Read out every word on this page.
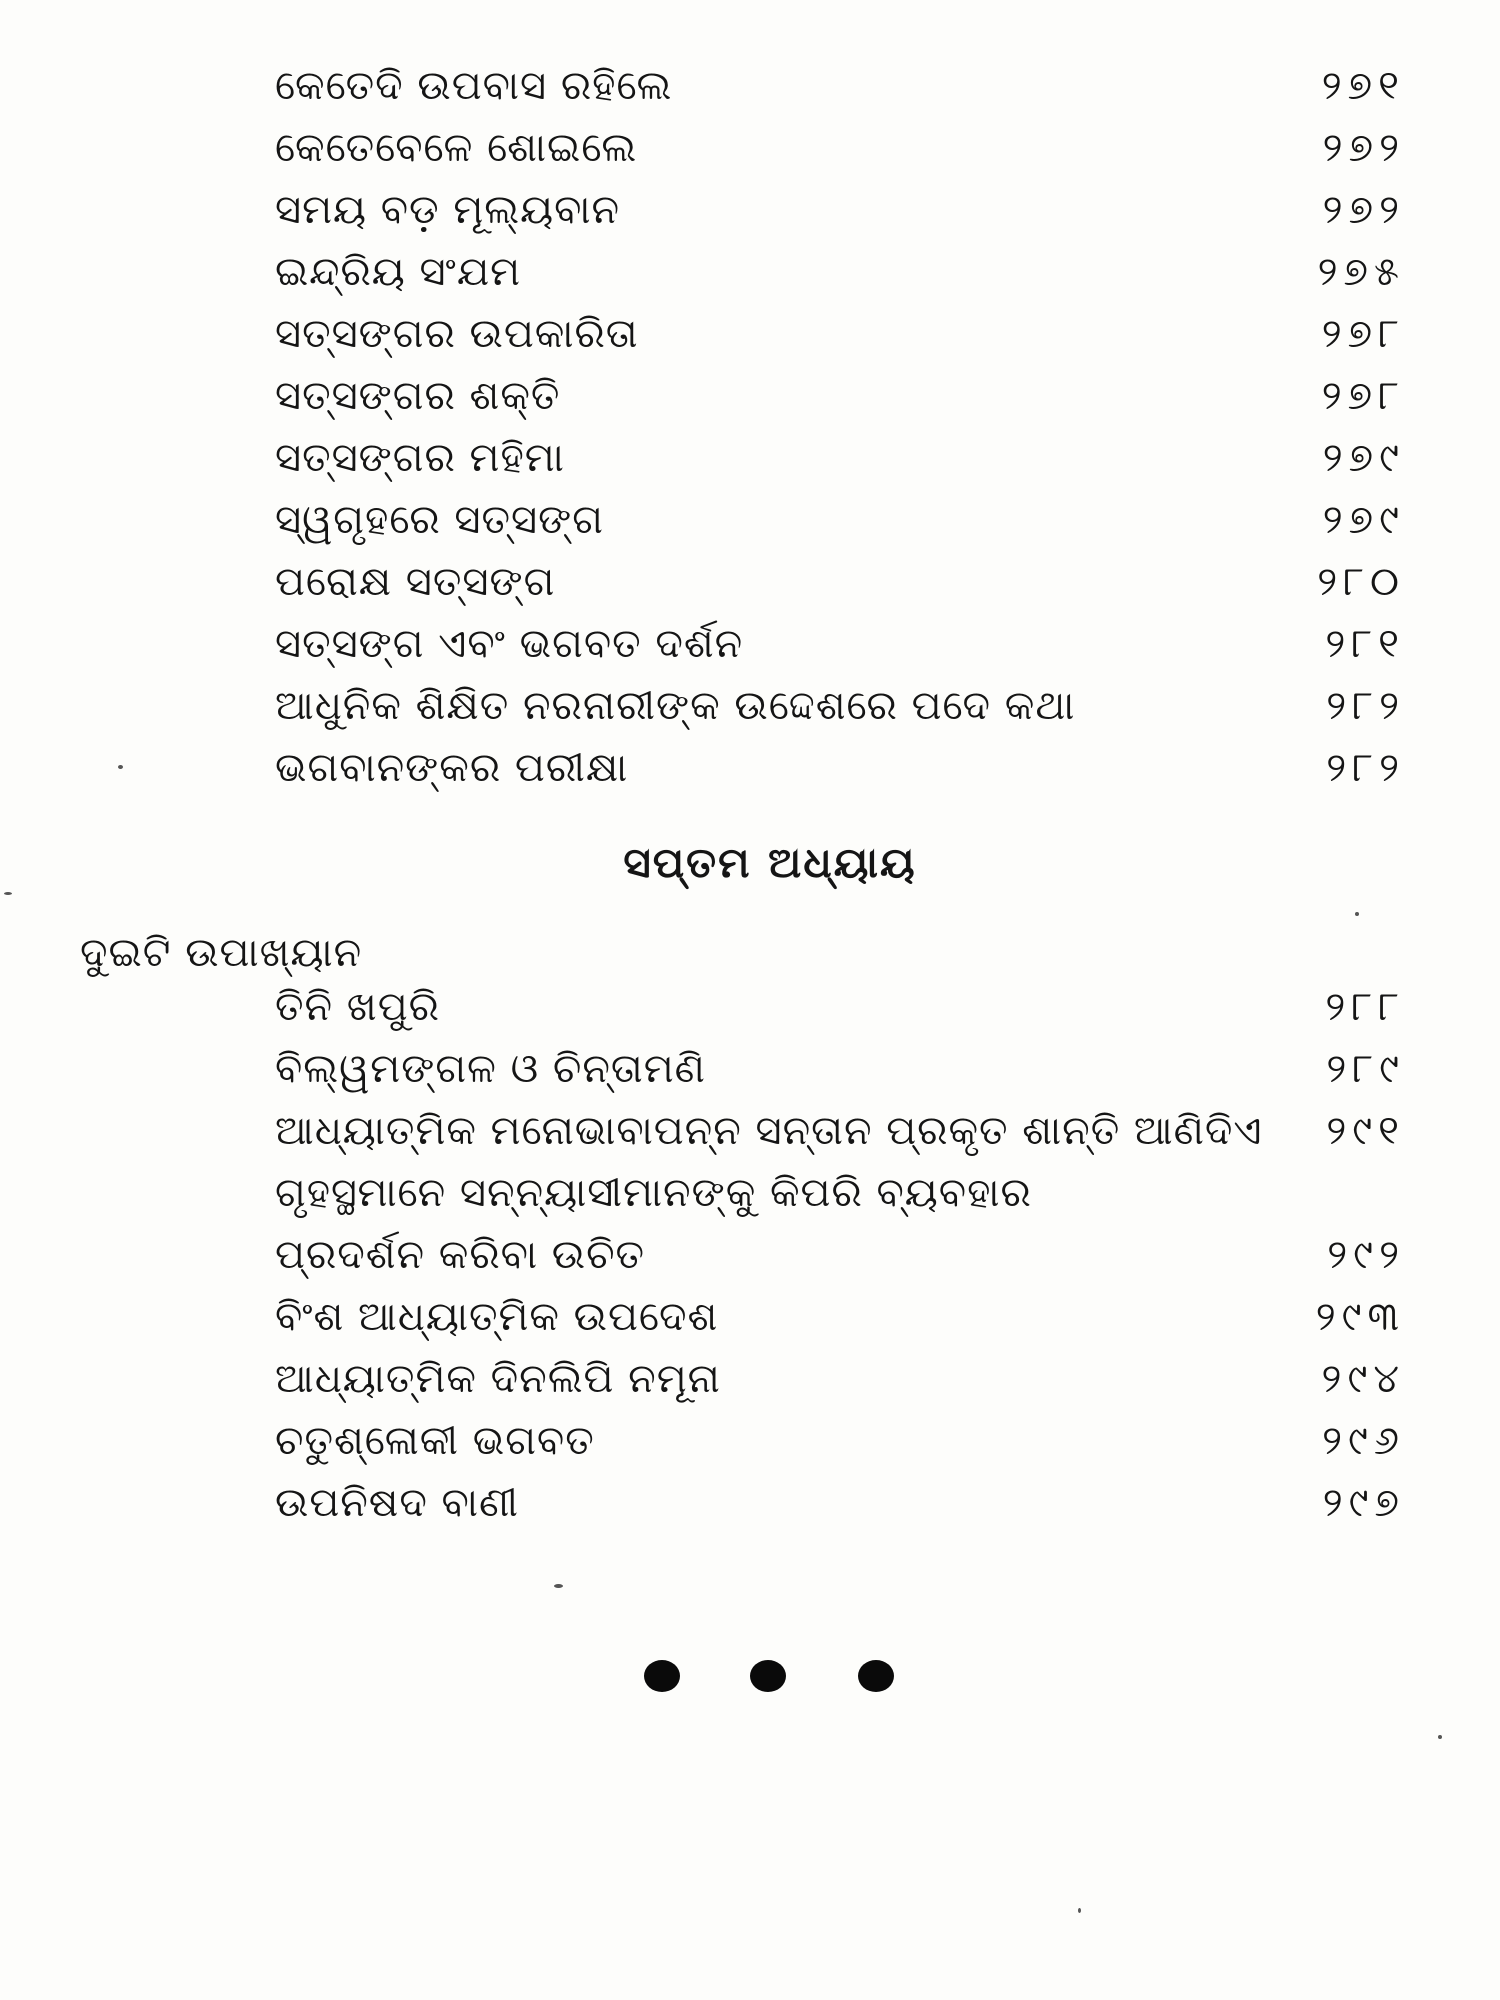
କେତେଦି ଉପବାସ ରହିଲେ	୨୭୧
କେତେବେଳେ ଶୋଇଲେ	୨୭୨
ସମୟ ବଡ଼ ମୂଲ୍ୟବାନ	୨୭୨
ଇନ୍ଦ୍ରିୟ ସଂଯମ	୨୭୫
ସତ୍ସଙ୍ଗର ଉପକାରିତା	୨୭୮
ସତ୍ସଙ୍ଗର ଶକ୍ତି	୨୭୮
ସତ୍ସଙ୍ଗର ମହିମା	୨୭୯
ସ୍ୱଗୃହରେ ସତ୍ସଙ୍ଗ	୨୭୯
ପରୋକ୍ଷ ସତ୍ସଙ୍ଗ	୨୮୦
ସତ୍ସଙ୍ଗ ଏବଂ ଭଗବତ ଦର୍ଶନ	୨୮୧
ଆଧୁନିକ ଶିକ୍ଷିତ ନରନାରୀଙ୍କ ଉଦ୍ଦେଶରେ ପଦେ କଥା	୨୮୨
ଭଗବାନଙ୍କର ପରୀକ୍ଷା	୨୮୨
ସପ୍ତମ ଅଧ୍ୟାୟ
ଦୁଇଟି ଉପାଖ୍ୟାନ
ତିନି ଖପୁରି	୨୮୮
ବିଲ୍ୱମଙ୍ଗଳ ଓ ଚିନ୍ତାମଣି	୨୮୯
ଆଧ୍ୟାତ୍ମିକ ମନୋଭାବାପନ୍ନ ସନ୍ତାନ ପ୍ରକୃତ ଶାନ୍ତି ଆଣିଦିଏ ୨୯୧
ଗୃହସ୍ଥମାନେ ସନ୍ନ୍ୟାସୀମାନଙ୍କୁ କିପରି ବ୍ୟବହାର
ପ୍ରଦର୍ଶନ କରିବା ଉଚିତ	୨୯୨
ବିଂଶ ଆଧ୍ୟାତ୍ମିକ ଉପଦେଶ	୨୯୩
ଆଧ୍ୟାତ୍ମିକ ଦିନଲିପି ନମୂନା	୨୯୪
ଚତୁଶ୍ଳୋକୀ ଭଗବତ	୨୯୬
ଉପନିଷଦ ବାଣୀ	୨୯୭
